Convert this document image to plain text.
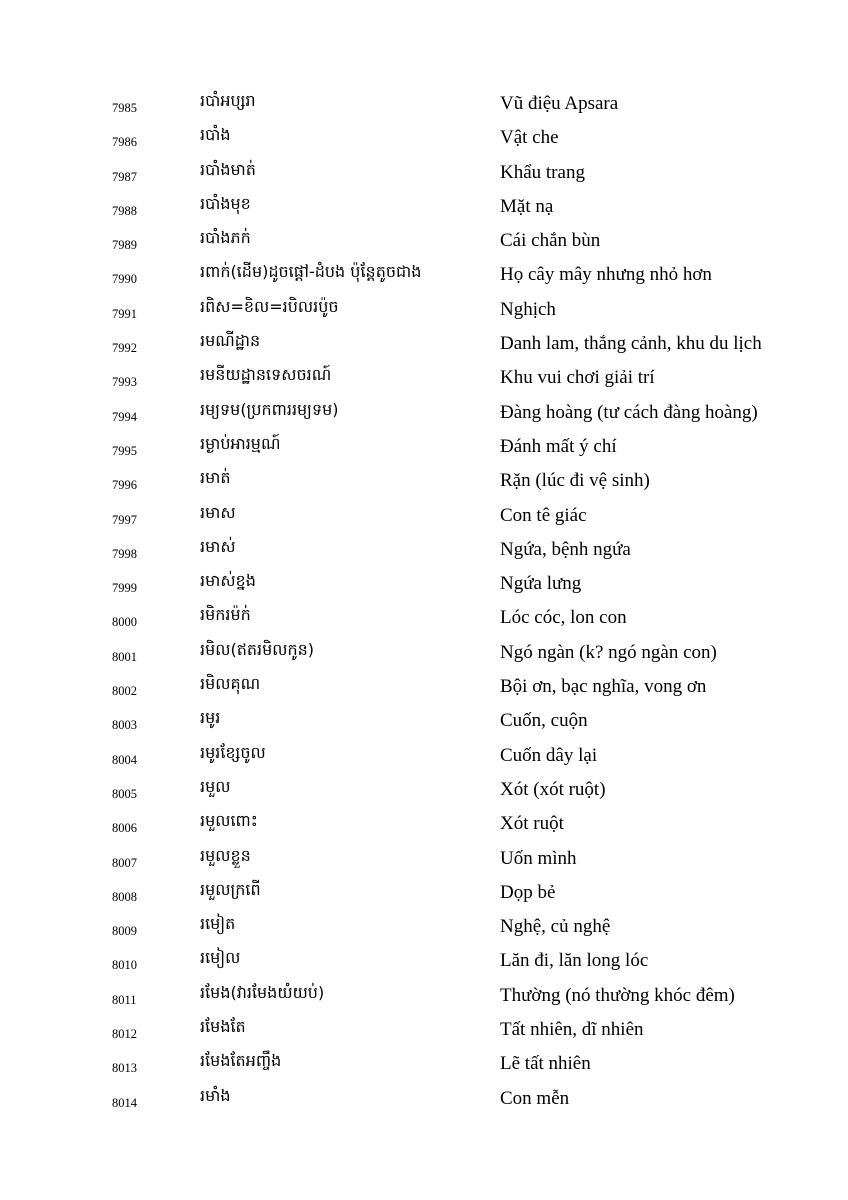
7985	របាំអប្សរា	Vũ điệu Apsara
7986	របាំង	Vật che
7987	របាំងមាត់	Khẩu trang
7988	របាំងមុខ	Mặt nạ
7989	របាំងភក់	Cái chắn bùn
7990	រពាក់(ដើម)ដូចផ្ដៅ-ដំបង ប៉ុន្តែតូចជាង	Họ cây mây nhưng nhỏ hơn
7991	រពិស=ខិល=របិលរប៉ូច	Nghịch
7992	រមណីដ្ឋាន	Danh lam, thắng cảnh, khu du lịch
7993	រមនីយដ្ឋានទេសចរណ៍	Khu vui chơi giải trí
7994	រម្យទម(ប្រកពាររម្យទម)	Đàng hoàng (tư cách đàng hoàng)
7995	រម្ងាប់អារម្មណ៍	Đánh mất ý chí
7996	រមាត់	Rặn (lúc đi vệ sinh)
7997	រមាស	Con tê giác
7998	រមាស់	Ngứa, bệnh ngứa
7999	រមាស់ខ្នង	Ngứa lưng
8000	រមិករម៉ក់	Lóc cóc, lon con
8001	រមិល(ឥតរមិលកូន)	Ngó ngàn (k? ngó ngàn con)
8002	រមិលគុណ	Bội ơn, bạc nghĩa, vong ơn
8003	រមូរ	Cuốn, cuộn
8004	រមូរខ្សែចូល	Cuốn dây lại
8005	រមួល	Xót (xót ruột)
8006	រមួលពោះ	Xót ruột
8007	រមួលខ្លួន	Uốn mình
8008	រមួលក្រពើ	Dọp bẻ
8009	រមៀត	Nghệ, củ nghệ
8010	រមៀល	Lăn đi, lăn long lóc
8011	រមែង(វារមែងយំយប់)	Thường (nó thường khóc đêm)
8012	រមែងតែ	Tất nhiên, dĩ nhiên
8013	រមែងតែអញ្ចឹង	Lẽ tất nhiên
8014	រមាំង	Con mễn
